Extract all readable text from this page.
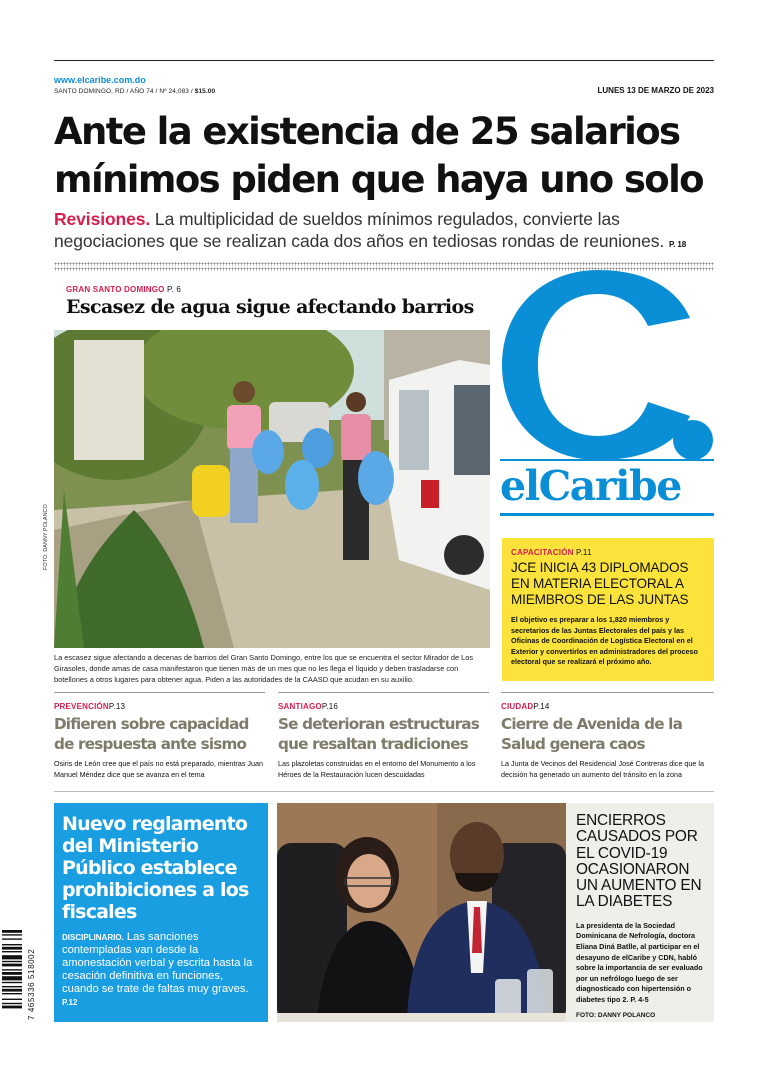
www.elcaribe.com.do
SANTO DOMINGO, RD / AÑO 74 / Nº 24,083 / $15.00	LUNES 13 DE MARZO DE 2023
Ante la existencia de 25 salarios
mínimos piden que haya uno solo

Revisiones. La multiplicidad de sueldos mínimos regulados, convierte las negociaciones que se realizan cada dos años en tediosas rondas de reuniones. P. 18

GRAN SANTO DOMINGO P. 6
Escasez de agua sigue afectando barrios
FOTO: DANNY POLANCO

La escasez sigue afectando a decenas de barrios del Gran Santo Domingo, entre los que se encuentra el sector Mirador de Los Girasoles, donde amas de casa manifestaron que tienen más de un mes que no les llega el líquido y deben trasladarse con botellones a otros lugares para obtener agua. Piden a las autoridades de la CAASD que acudan en su auxilio.

elCaribe
CAPACITACIÓN P.11
JCE INICIA 43 DIPLOMADOS EN MATERIA ELECTORAL A MIEMBROS DE LAS JUNTAS
El objetivo es preparar a los 1,820 miembros y secretarios de las Juntas Electorales del país y las Oficinas de Coordinación de Logística Electoral en el Exterior y convertirlos en administradores del proceso electoral que se realizará el próximo año.
PREVENCIÓNP.13
Difieren sobre capacidad de respuesta ante sismo
Osiris de León cree que el país no está preparado, mientras Juan Manuel Méndez dice que se avanza en el tema
SANTIAGOP.16
Se deterioran estructuras que resaltan tradiciones
Las plazoletas construidas en el entorno del Monumento a los Héroes de la Restauración lucen descuidadas
CIUDADP.14
Cierre de Avenida de la Salud genera caos
La Junta de Vecinos del Residencial José Contreras dice que la decisión ha generado un aumento del tránsito en la zona
Nuevo reglamento del Ministerio Público establece prohibiciones a los fiscales
DISCIPLINARIO. Las sanciones contempladas van desde la amonestación verbal y escrita hasta la cesación definitiva en funciones, cuando se trate de faltas muy graves. P.12
7 465336 518002
ENCIERROS CAUSADOS POR EL COVID-19 OCASIONARON UN AUMENTO EN LA DIABETES
La presidenta de la Sociedad Dominicana de Nefrología, doctora Eliana Diná Batlle, al participar en el desayuno de elCaribe y CDN, habló sobre la importancia de ser evaluado por un nefrólogo luego de ser diagnosticado con hipertensión o diabetes tipo 2. P. 4-5
FOTO: DANNY POLANCO
